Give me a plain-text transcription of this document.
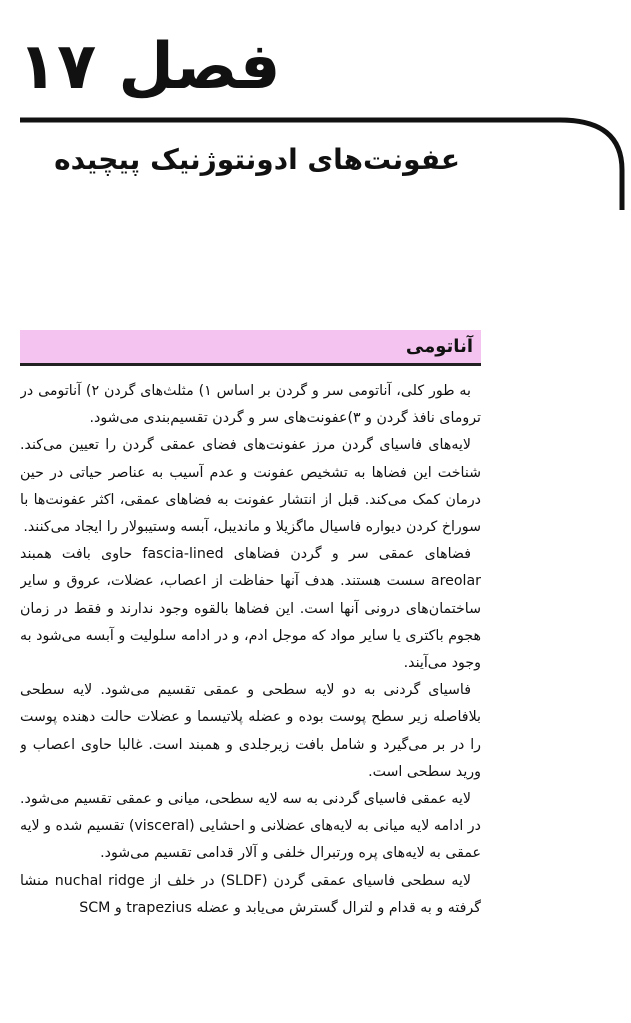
فصل ۱۷
عفونت‌های ادونتوژنیک پیچیده
آناتومی

به طور کلی، آناتومی سر و گردن بر اساس ۱) مثلث‌های گردن ۲) آناتومی در ترومای نافذ گردن و ۳)عفونت‌های سر و گردن تقسیم‌بندی می‌شود.

لایه‌های فاسیای گردن مرز عفونت‌های فضای عمقی گردن را تعیین می‌کند. شناخت این فضاها به تشخیص عفونت و عدم آسیب به عناصر حیاتی در حین درمان کمک می‌کند. قبل از انتشار عفونت به فضاهای عمقی، اکثر عفونت‌ها با سوراخ کردن دیواره فاسیال ماگزیلا و ماندیبل، آبسه وستیبولار را ایجاد می‌کنند.

فضاهای عمقی سر و گردن فضاهای fascia-lined حاوی بافت همبند areolar سست هستند. هدف آنها حفاظت از اعصاب، عضلات، عروق و سایر ساختمان‌های درونی آنها است. این فضاها بالقوه وجود ندارند و فقط در زمان هجوم باکتری یا سایر مواد که موجل ادم، و در ادامه سلولیت و آبسه می‌شود به وجود می‌آیند.

فاسیای گردنی به دو لایه سطحی و عمقی تقسیم می‌شود. لایه سطحی بلافاصله زیر سطح پوست بوده و عضله پلاتیسما و عضلات حالت دهنده پوست را در بر می‌گیرد و شامل بافت زیرجلدی و همبند است. غالبا حاوی اعصاب و ورید سطحی است.

لایه عمقی فاسیای گردنی به سه لایه سطحی، میانی و عمقی تقسیم می‌شود. در ادامه لایه میانی به لایه‌های عضلانی و احشایی (visceral) تقسیم شده و لایه عمقی به لایه‌های پره ورتبرال خلفی و آلار قدامی تقسیم می‌شود.

لایه سطحی فاسیای عمقی گردن (SLDF) در خلف از nuchal ridge منشا گرفته و به قدام و لترال گسترش می‌یابد و عضله trapezius و SCM
